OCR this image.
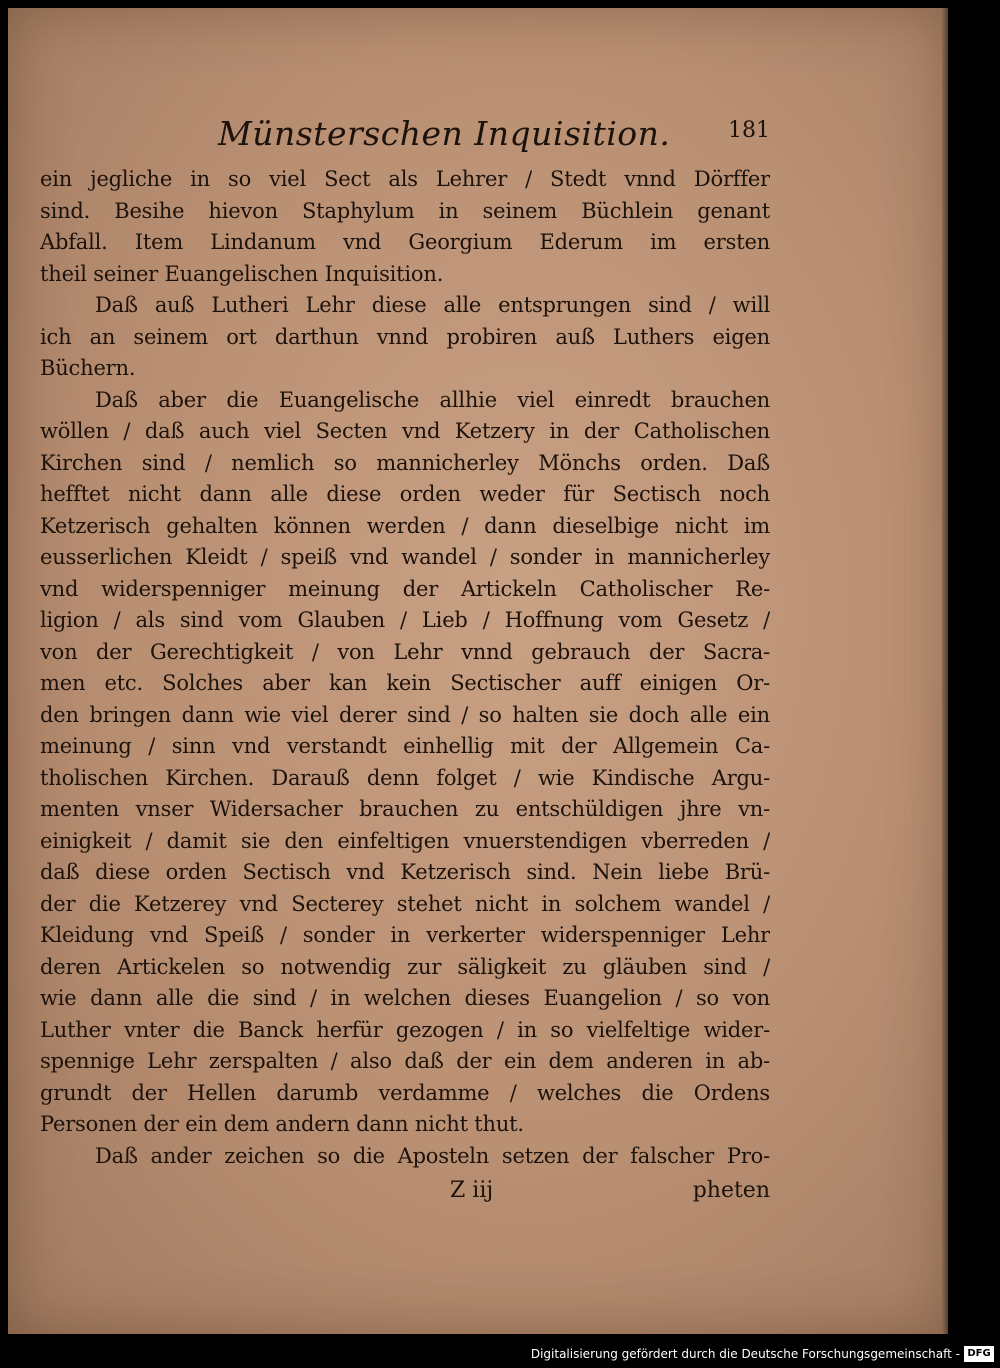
Münsterschen Inquisition.	181
ein jegliche in so viel Sect als Lehrer / Stedt vnnd Dörffer
sind. Besihe hievon Staphylum in seinem Büchlein genant
Abfall. Item Lindanum vnd Georgium Ederum im ersten
theil seiner Euangelischen Inquisition.
Daß auß Lutheri Lehr diese alle entsprungen sind / will
ich an seinem ort darthun vnnd probiren auß Luthers eigen
Büchern.
Daß aber die Euangelische allhie viel einredt brauchen
wöllen / daß auch viel Secten vnd Ketzery in der Catholischen
Kirchen sind / nemlich so mannicherley Mönchs orden. Daß
hefftet nicht dann alle diese orden weder für Sectisch noch
Ketzerisch gehalten können werden / dann dieselbige nicht im
eusserlichen Kleidt / speiß vnd wandel / sonder in mannicherley
vnd widerspenniger meinung der Artickeln Catholischer Re-
ligion / als sind vom Glauben / Lieb / Hoffnung vom Gesetz /
von der Gerechtigkeit / von Lehr vnnd gebrauch der Sacra-
men etc. Solches aber kan kein Sectischer auff einigen Or-
den bringen dann wie viel derer sind / so halten sie doch alle ein
meinung / sinn vnd verstandt einhellig mit der Allgemein Ca-
tholischen Kirchen. Darauß denn folget / wie Kindische Argu-
menten vnser Widersacher brauchen zu entschüldigen jhre vn-
einigkeit / damit sie den einfeltigen vnuerstendigen vberreden /
daß diese orden Sectisch vnd Ketzerisch sind. Nein liebe Brü-
der die Ketzerey vnd Secterey stehet nicht in solchem wandel /
Kleidung vnd Speiß / sonder in verkerter widerspenniger Lehr
deren Artickelen so notwendig zur säligkeit zu gläuben sind /
wie dann alle die sind / in welchen dieses Euangelion / so von
Luther vnter die Banck herfür gezogen / in so vielfeltige wider-
spennige Lehr zerspalten / also daß der ein dem anderen in ab-
grundt der Hellen darumb verdamme / welches die Ordens
Personen der ein dem andern dann nicht thut.
Daß ander zeichen so die Aposteln setzen der falscher Pro-
Z iij	pheten
Digitalisierung gefördert durch die Deutsche Forschungsgemeinschaft - DFG
